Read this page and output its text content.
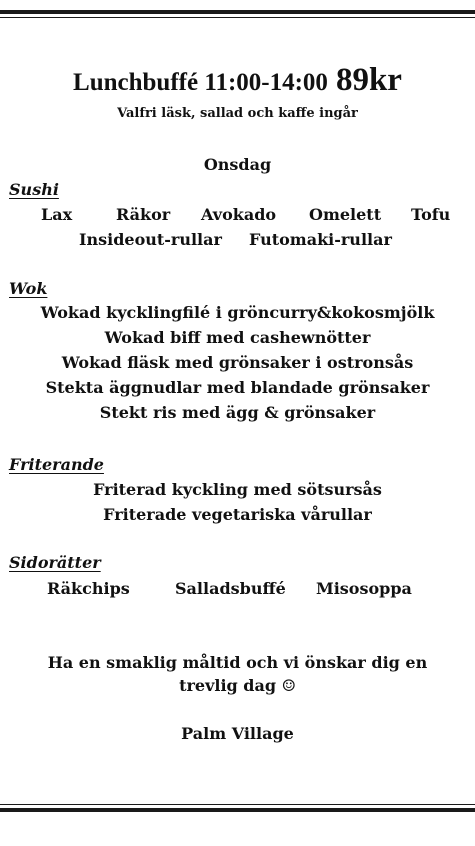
Lunchbuffé 11:00-14:00 89kr
Valfri läsk, sallad och kaffe ingår
Onsdag
Sushi
Lax	Räkor Avokado Omelett Tofu
Insideout-rullar Futomaki-rullar
Wok
Wokad kycklingfilé i gröncurry&kokosmjölk
Wokad biff med cashewnötter
Wokad fläsk med grönsaker i ostronsås
Stekta äggnudlar med blandade grönsaker
Stekt ris med ägg & grönsaker
Friterande
Friterad kyckling med sötsursås
Friterade vegetariska vårullar
Sidorätter
Räkchips	Salladsbuffé Misosoppa
Ha en smaklig måltid och vi önskar dig en
trevlig dag ☺
Palm Village
